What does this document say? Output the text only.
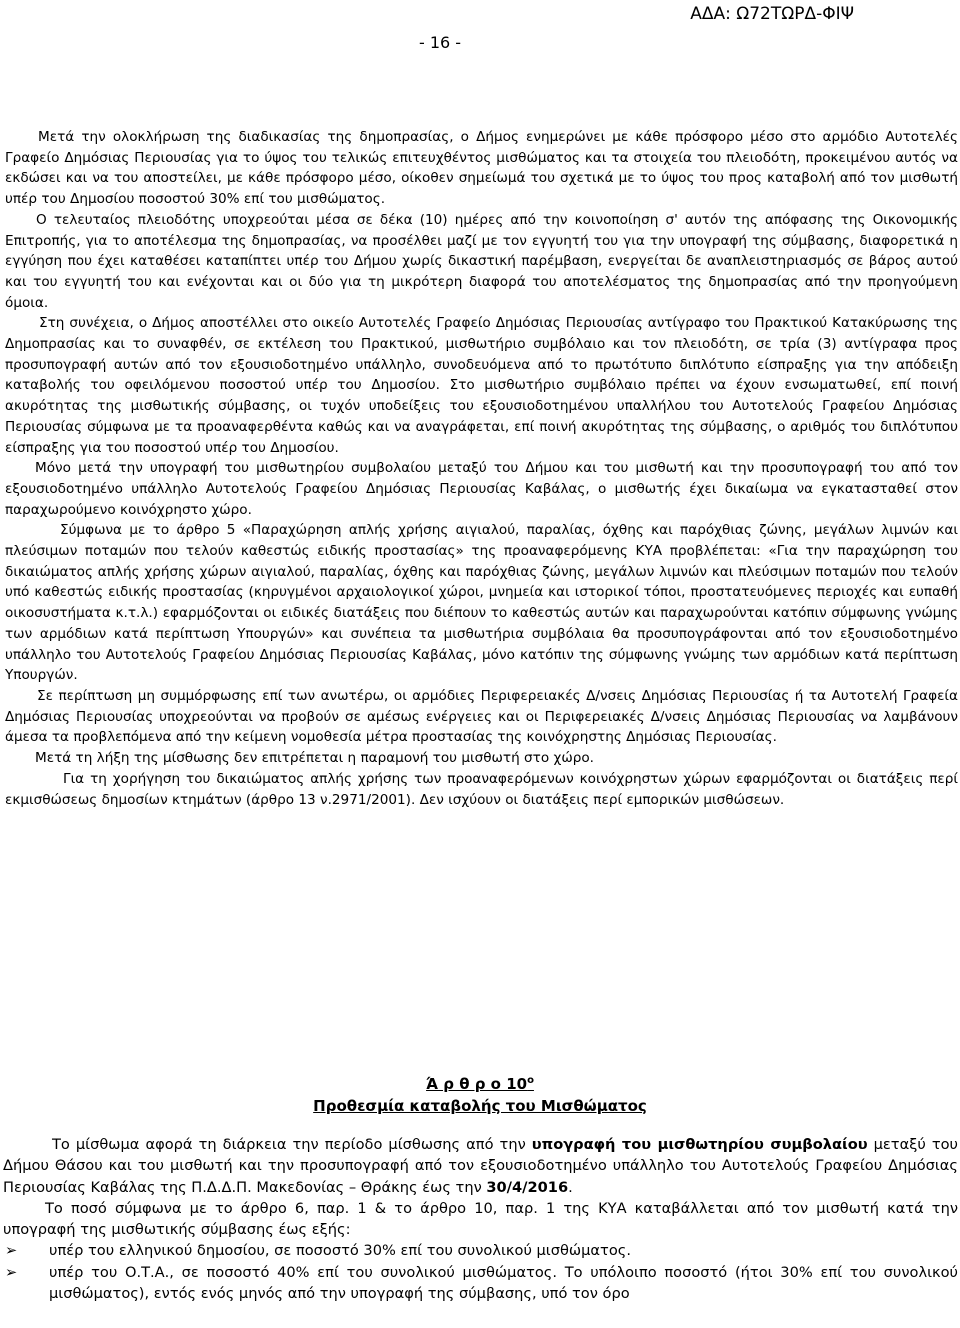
ΑΔΑ: Ω72ΤΩΡΔ-ΦΙΨ
- 16 -

Μετά την ολοκλήρωση της διαδικασίας της δημοπρασίας, ο Δήμος ενημερώνει με κάθε πρόσφορο μέσο στο αρμόδιο Αυτοτελές Γραφείο Δημόσιας Περιουσίας για το ύψος του τελικώς επιτευχθέντος μισθώματος και τα στοιχεία του πλειοδότη, προκειμένου αυτός να εκδώσει και να του αποστείλει, με κάθε πρόσφορο μέσο, οίκοθεν σημείωμά του σχετικά με το ύψος του προς καταβολή από τον μισθωτή υπέρ του Δημοσίου ποσοστού 30% επί του μισθώματος.

Ο τελευταίος πλειοδότης υποχρεούται μέσα σε δέκα (10) ημέρες από την κοινοποίηση σ' αυτόν της απόφασης της Οικονομικής Επιτροπής, για το αποτέλεσμα της δημοπρασίας, να προσέλθει μαζί με τον εγγυητή του για την υπογραφή της σύμβασης, διαφορετικά η εγγύηση που έχει καταθέσει καταπίπτει υπέρ του Δήμου χωρίς δικαστική παρέμβαση, ενεργείται δε αναπλειστηριασμός σε βάρος αυτού και του εγγυητή του και ενέχονται και οι δύο για τη μικρότερη διαφορά του αποτελέσματος της δημοπρασίας από την προηγούμενη όμοια.

Στη συνέχεια, ο Δήμος αποστέλλει στο οικείο Αυτοτελές Γραφείο Δημόσιας Περιουσίας αντίγραφο του Πρακτικού Κατακύρωσης της Δημοπρασίας και το συναφθέν, σε εκτέλεση του Πρακτικού, μισθωτήριο συμβόλαιο και τον πλειοδότη, σε τρία (3) αντίγραφα προς προσυπογραφή αυτών από τον εξουσιοδοτημένο υπάλληλο, συνοδευόμενα από το πρωτότυπο διπλότυπο είσπραξης για την απόδειξη καταβολής του οφειλόμενου ποσοστού υπέρ του Δημοσίου. Στο μισθωτήριο συμβόλαιο πρέπει να έχουν ενσωματωθεί, επί ποινή ακυρότητας της μισθωτικής σύμβασης, οι τυχόν υποδείξεις του εξουσιοδοτημένου υπαλλήλου του Αυτοτελούς Γραφείου Δημόσιας Περιουσίας σύμφωνα με τα προαναφερθέντα καθώς και να αναγράφεται, επί ποινή ακυρότητας της σύμβασης, ο αριθμός του διπλότυπου είσπραξης για του ποσοστού υπέρ του Δημοσίου.

Μόνο μετά την υπογραφή του μισθωτηρίου συμβολαίου μεταξύ του Δήμου και του μισθωτή και την προσυπογραφή του από τον εξουσιοδοτημένο υπάλληλο Αυτοτελούς Γραφείου Δημόσιας Περιουσίας Καβάλας, ο μισθωτής έχει δικαίωμα να εγκατασταθεί στον παραχωρούμενο κοινόχρηστο χώρο.

Σύμφωνα με το άρθρο 5 «Παραχώρηση απλής χρήσης αιγιαλού, παραλίας, όχθης και παρόχθιας ζώνης, μεγάλων λιμνών και πλεύσιμων ποταμών που τελούν καθεστώς ειδικής προστασίας» της προαναφερόμενης ΚΥΑ προβλέπεται: «Για την παραχώρηση του δικαιώματος απλής χρήσης χώρων αιγιαλού, παραλίας, όχθης και παρόχθιας ζώνης, μεγάλων λιμνών και πλεύσιμων ποταμών που τελούν υπό καθεστώς ειδικής προστασίας (κηρυγμένοι αρχαιολογικοί χώροι, μνημεία και ιστορικοί τόποι, προστατευόμενες περιοχές και ευπαθή οικοσυστήματα κ.τ.λ.) εφαρμόζονται οι ειδικές διατάξεις που διέπουν το καθεστώς αυτών και παραχωρούνται κατόπιν σύμφωνης γνώμης των αρμόδιων κατά περίπτωση Υπουργών» και συνέπεια τα μισθωτήρια συμβόλαια θα προσυπογράφονται από τον εξουσιοδοτημένο υπάλληλο του Αυτοτελούς Γραφείου Δημόσιας Περιουσίας Καβάλας, μόνο κατόπιν της σύμφωνης γνώμης των αρμόδιων κατά περίπτωση Υπουργών.

Σε περίπτωση μη συμμόρφωσης επί των ανωτέρω, οι αρμόδιες Περιφερειακές Δ/νσεις Δημόσιας Περιουσίας ή τα Αυτοτελή Γραφεία Δημόσιας Περιουσίας υποχρεούνται να προβούν σε αμέσως ενέργειες και οι Περιφερειακές Δ/νσεις Δημόσιας Περιουσίας να λαμβάνουν άμεσα τα προβλεπόμενα από την κείμενη νομοθεσία μέτρα προστασίας της κοινόχρηστης Δημόσιας Περιουσίας.

Μετά τη λήξη της μίσθωσης δεν επιτρέπεται η παραμονή του μισθωτή στο χώρο.

Για τη χορήγηση του δικαιώματος απλής χρήσης των προαναφερόμενων κοινόχρηστων χώρων εφαρμόζονται οι διατάξεις περί εκμισθώσεως δημοσίων κτημάτων (άρθρο 13 ν.2971/2001). Δεν ισχύουν οι διατάξεις περί εμπορικών μισθώσεων.

Ά ρ θ ρ ο $10^o$
Προθεσμία καταβολής του Μισθώματος

Το μίσθωμα αφορά τη διάρκεια την περίοδο μίσθωσης από την υπογραφή του μισθωτηρίου συμβολαίου μεταξύ του Δήμου Θάσου και του μισθωτή και την προσυπογραφή από τον εξουσιοδοτημένο υπάλληλο του Αυτοτελούς Γραφείου Δημόσιας Περιουσίας Καβάλας της Π.Δ.Δ.Π. Μακεδονίας – Θράκης έως την 30/4/2016.

Το ποσό σύμφωνα με το άρθρο 6, παρ. 1 & το άρθρο 10, παρ. 1 της ΚΥΑ καταβάλλεται από τον μισθωτή κατά την υπογραφή της μισθωτικής σύμβασης έως εξής:

➢	υπέρ του ελληνικού δημοσίου, σε ποσοστό 30% επί του συνολικού μισθώματος.
➢	υπέρ του Ο.Τ.Α., σε ποσοστό 40% επί του συνολικού μισθώματος. Το υπόλοιπο ποσοστό (ήτοι 30% επί του συνολικού μισθώματος), εντός ενός μηνός από την υπογραφή της σύμβασης, υπό τον όρο
